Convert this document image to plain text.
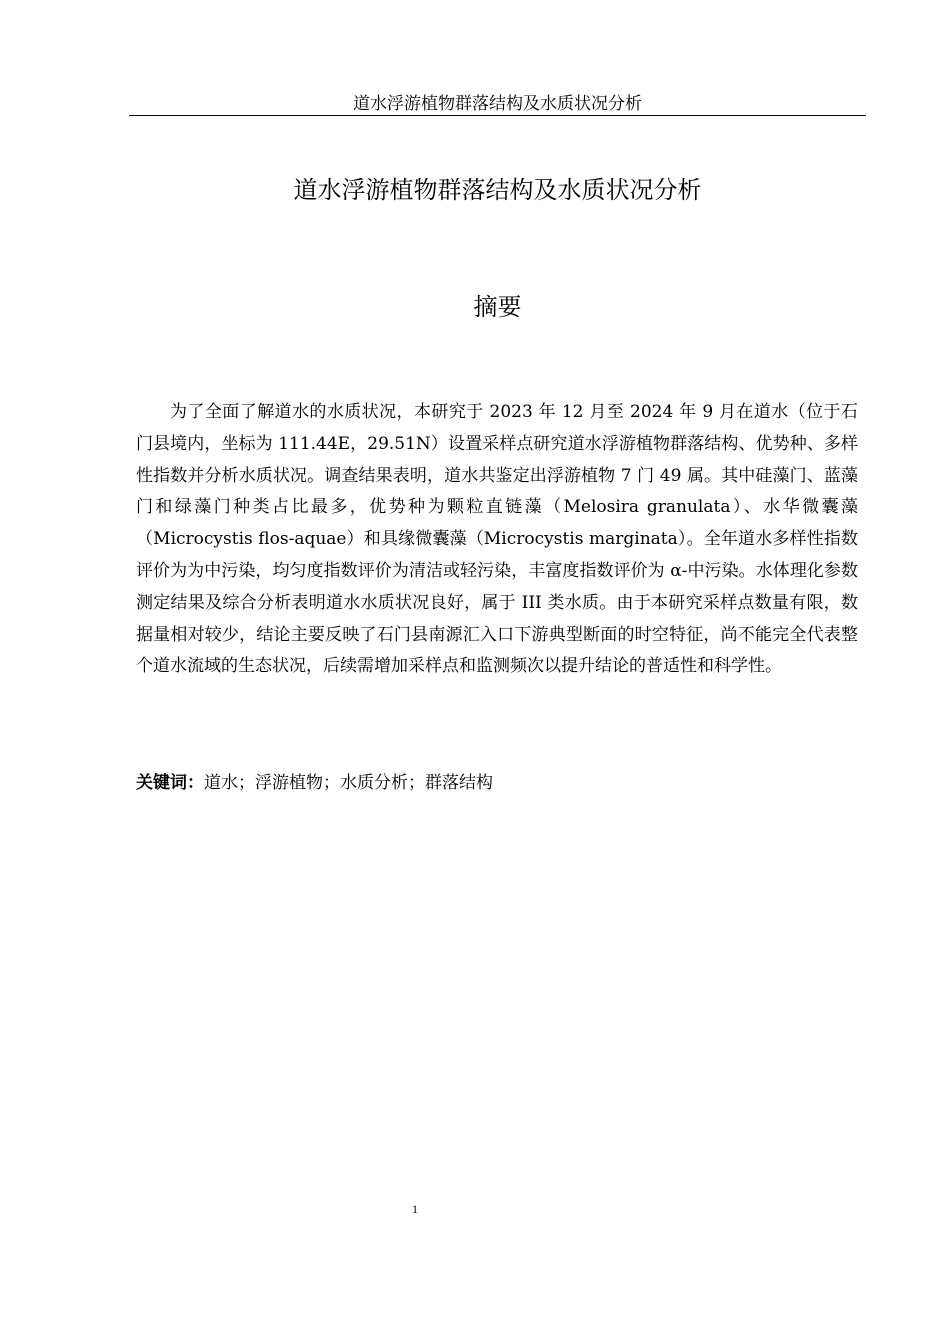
道水浮游植物群落结构及水质状况分析
道水浮游植物群落结构及水质状况分析
摘要

为了全面了解道水的水质状况，本研究于 2023 年 12 月至 2024 年 9 月在道水（位于石门县境内，坐标为 111.44E，29.51N）设置采样点研究道水浮游植物群落结构、优势种、多样性指数并分析水质状况。调查结果表明，道水共鉴定出浮游植物 7 门 49 属。其中硅藻门、蓝藻门和绿藻门种类占比最多，优势种为颗粒直链藻（Melosira granulata）、水华微囊藻（Microcystis flos-aquae）和具缘微囊藻（Microcystis marginata）。全年道水多样性指数评价为为中污染，均匀度指数评价为清洁或轻污染，丰富度指数评价为 α-中污染。水体理化参数测定结果及综合分析表明道水水质状况良好，属于 III 类水质。由于本研究采样点数量有限，数据量相对较少，结论主要反映了石门县南源汇入口下游典型断面的时空特征，尚不能完全代表整个道水流域的生态状况，后续需增加采样点和监测频次以提升结论的普适性和科学性。

关键词：道水；浮游植物；水质分析；群落结构
1
